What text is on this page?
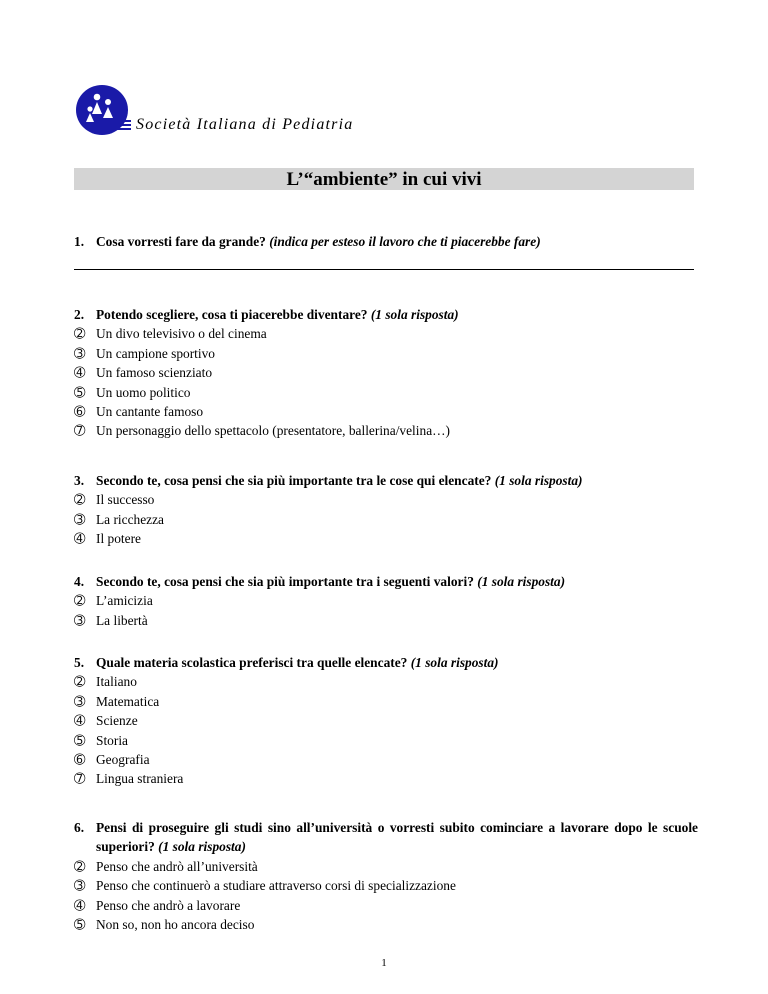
Società Italiana di Pediatria
L’“ambiente” in cui vivi
1. Cosa vorresti fare da grande? (indica per esteso il lavoro che ti piacerebbe fare)
2. Potendo scegliere, cosa ti piacerebbe diventare? (1 sola risposta)
➁ Un divo televisivo o del cinema
➂ Un campione sportivo
➃ Un famoso scienziato
➄ Un uomo politico
➅ Un cantante famoso
➆ Un personaggio dello spettacolo (presentatore, ballerina/velina…)
3. Secondo te, cosa pensi che sia più importante tra le cose qui elencate? (1 sola risposta)
➁ Il successo
➂ La ricchezza
➃ Il potere
4. Secondo te, cosa pensi che sia più importante tra i seguenti valori? (1 sola risposta)
➁ L’amicizia
➂ La libertà
5. Quale materia scolastica preferisci tra quelle elencate? (1 sola risposta)
➁ Italiano
➂ Matematica
➃ Scienze
➄ Storia
➅ Geografia
➆ Lingua straniera
6. Pensi di proseguire gli studi sino all’università o vorresti subito cominciare a lavorare dopo le scuole superiori? (1 sola risposta)
➁ Penso che andrò all’università
➂ Penso che continuerò a studiare attraverso corsi di specializzazione
➃ Penso che andrò a lavorare
➄ Non so, non ho ancora deciso
1
